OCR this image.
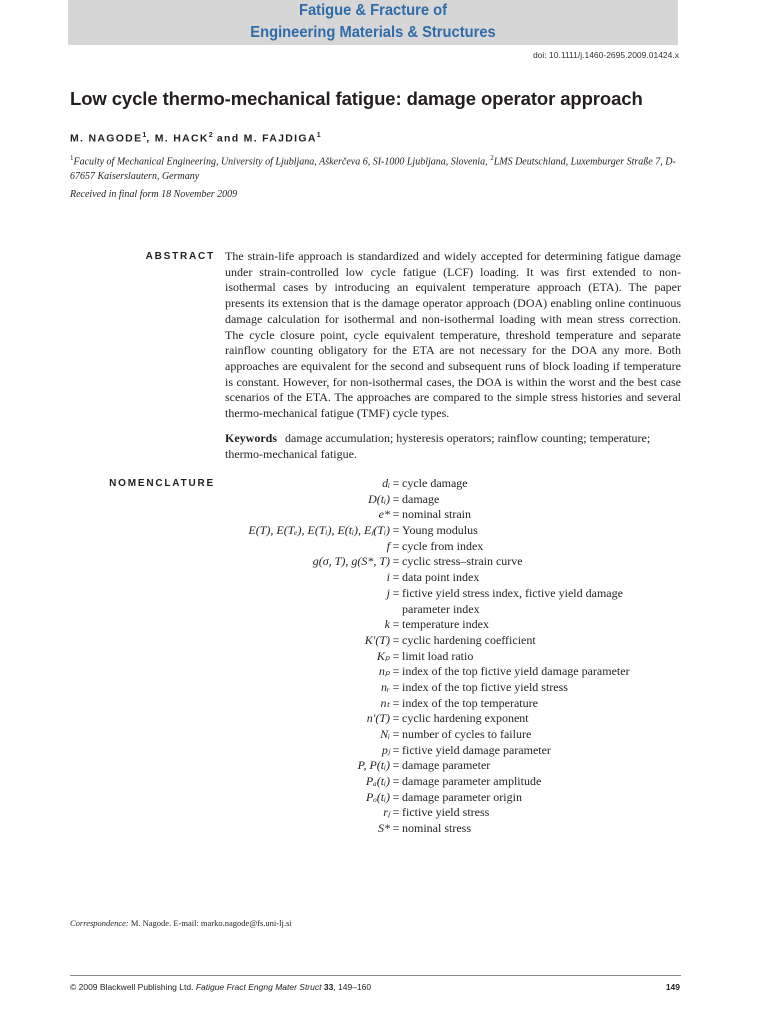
Fatigue & Fracture of
Engineering Materials & Structures
doi: 10.1111/j.1460-2695.2009.01424.x
Low cycle thermo-mechanical fatigue: damage operator approach
M. NAGODE$^1$, M. HACK$^2$ and M. FAJDIGA$^1$
$^1$Faculty of Mechanical Engineering, University of Ljubljana, Aškerčeva 6, SI-1000 Ljubljana, Slovenia, $^2$LMS Deutschland, Luxemburger Straße 7, D-67657 Kaiserslautern, Germany
Received in final form 18 November 2009
ABSTRACT The strain-life approach is standardized and widely accepted for determining fatigue damage under strain-controlled low cycle fatigue (LCF) loading. It was first extended to non-isothermal cases by introducing an equivalent temperature approach (ETA). The paper presents its extension that is the damage operator approach (DOA) enabling online continuous damage calculation for isothermal and non-isothermal loading with mean stress correction. The cycle closure point, cycle equivalent temperature, threshold temperature and separate rainflow counting obligatory for the ETA are not necessary for the DOA any more. Both approaches are equivalent for the second and subsequent runs of block loading if temperature is constant. However, for non-isothermal cases, the DOA is within the worst and the best case scenarios of the ETA. The approaches are compared to the simple stress histories and several thermo-mechanical fatigue (TMF) cycle types.
Keywords damage accumulation; hysteresis operators; rainflow counting; temperature; thermo-mechanical fatigue.
NOMENCLATURE	dᵢ = cycle damage
D(tᵢ) = damage
e* = nominal strain
E(T), E(Tₑ), E(Tᵢ), E(tᵢ), Eⱼ(Tᵢ) = Young modulus
f = cycle from index
g(σ, T), g(S*, T) = cyclic stress–strain curve
i = data point index
j = fictive yield stress index, fictive yield damage
parameter index
k = temperature index
K′(T) = cyclic hardening coefficient
Kₚ = limit load ratio
nₚ = index of the top fictive yield damage parameter
nᵣ = index of the top fictive yield stress
nₜ = index of the top temperature
n′(T) = cyclic hardening exponent
Nᵢ = number of cycles to failure
pⱼ = fictive yield damage parameter
P, P(tᵢ) = damage parameter
Pₐ(tᵢ) = damage parameter amplitude
Pₒ(tᵢ) = damage parameter origin
rⱼ = fictive yield stress
S* = nominal stress
Correspondence: M. Nagode. E-mail: marko.nagode@fs.uni-lj.si
© 2009 Blackwell Publishing Ltd. Fatigue Fract Engng Mater Struct 33, 149–160	149
